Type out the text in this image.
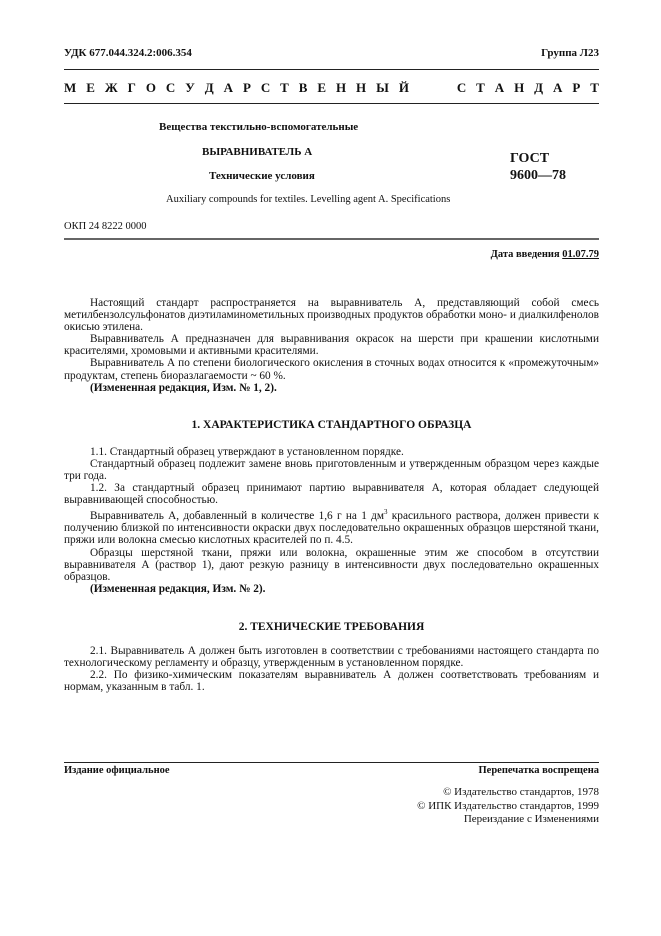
УДК 677.044.324.2:006.354	Группа Л23
М Е Ж Г О С У Д А Р С Т В Е Н Н Ы Й	С Т А Н Д А Р Т
Вещества текстильно-вспомогательные
ВЫРАВНИВАТЕЛЬ А
Технические условия
ГОСТ
9600—78
Auxiliary compounds for textiles. Levelling agent A. Specifications
ОКП 24 8222 0000
Дата введения 01.07.79

Настоящий стандарт распространяется на выравниватель А, представляющий собой смесь метилбензолсульфонатов диэтиламинометильных производных продуктов обработки моно- и диалкилфенолов окисью этилена.

Выравниватель А предназначен для выравнивания окрасок на шерсти при крашении кислотными красителями, хромовыми и активными красителями.

Выравниватель А по степени биологического окисления в сточных водах относится к «промежуточным» продуктам, степень биоразлагаемости ~ 60 %.

(Измененная редакция, Изм. № 1, 2).

1. ХАРАКТЕРИСТИКА СТАНДАРТНОГО ОБРАЗЦА

1.1. Стандартный образец утверждают в установленном порядке.

Стандартный образец подлежит замене вновь приготовленным и утвержденным образцом через каждые три года.

1.2. За стандартный образец принимают партию выравнивателя А, которая обладает следующей выравнивающей способностью.

Выравниватель А, добавленный в количестве 1,6 г на 1 $дм^3$ красильного раствора, должен привести к получению близкой по интенсивности окраски двух последовательно окрашенных образцов шерстяной ткани, пряжи или волокна смесью кислотных красителей по п. 4.5.

Образцы шерстяной ткани, пряжи или волокна, окрашенные этим же способом в отсутствии выравнивателя А (раствор 1), дают резкую разницу в интенсивности двух последовательно окрашенных образцов.

(Измененная редакция, Изм. № 2).

2. ТЕХНИЧЕСКИЕ ТРЕБОВАНИЯ

2.1. Выравниватель А должен быть изготовлен в соответствии с требованиями настоящего стандарта по технологическому регламенту и образцу, утвержденным в установленном порядке.

2.2. По физико-химическим показателям выравниватель А должен соответствовать требованиям и нормам, указанным в табл. 1.

Издание официальное	Перепечатка воспрещена
© Издательство стандартов, 1978
© ИПК Издательство стандартов, 1999
Переиздание с Изменениями
